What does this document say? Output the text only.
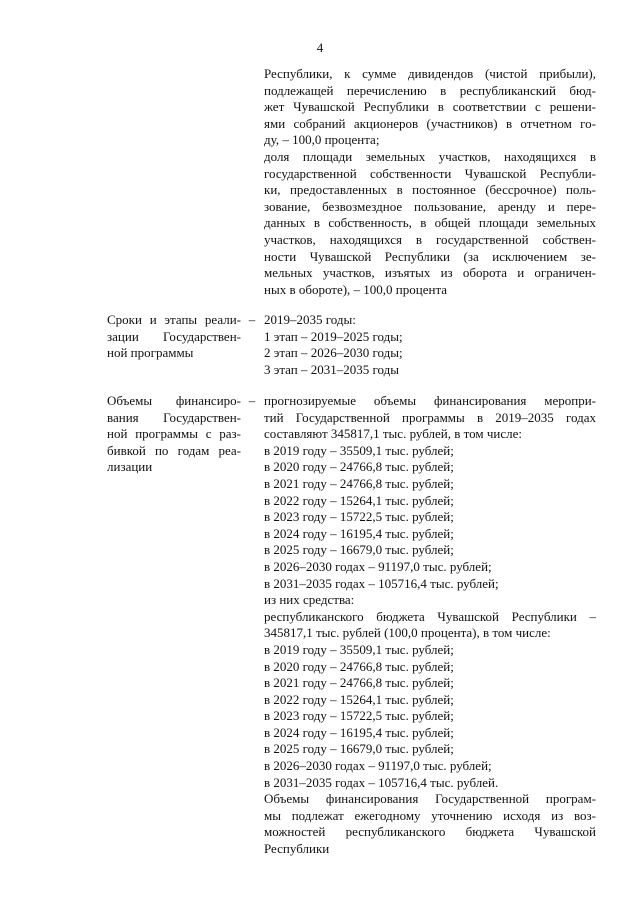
4
Республики, к сумме дивидендов (чистой прибыли),
подлежащей перечислению в республиканский бюд-
жет Чувашской Республики в соответствии с решени-
ями собраний акционеров (участников) в отчетном го-
ду, – 100,0 процента;
доля площади земельных участков, находящихся в
государственной собственности Чувашской Республи-
ки, предоставленных в постоянное (бессрочное) поль-
зование, безвозмездное пользование, аренду и пере-
данных в собственность, в общей площади земельных
участков, находящихся в государственной собствен-
ности Чувашской Республики (за исключением зе-
мельных участков, изъятых из оборота и ограничен-
ных в обороте), – 100,0 процента
Сроки и этапы реали-
зации Государствен-
ной программы
– 2019–2035 годы:
1 этап – 2019–2025 годы;
2 этап – 2026–2030 годы;
3 этап – 2031–2035 годы
Объемы финансиро-
вания Государствен-
ной программы с раз-
бивкой по годам реа-
лизации
– прогнозируемые объемы финансирования меропри-
тий Государственной программы в 2019–2035 годах
составляют 345817,1 тыс. рублей, в том числе:
в 2019 году – 35509,1 тыс. рублей;
в 2020 году – 24766,8 тыс. рублей;
в 2021 году – 24766,8 тыс. рублей;
в 2022 году – 15264,1 тыс. рублей;
в 2023 году – 15722,5 тыс. рублей;
в 2024 году – 16195,4 тыс. рублей;
в 2025 году – 16679,0 тыс. рублей;
в 2026–2030 годах – 91197,0 тыс. рублей;
в 2031–2035 годах – 105716,4 тыс. рублей;
из них средства:
республиканского бюджета Чувашской Республики –
345817,1 тыс. рублей (100,0 процента), в том числе:
в 2019 году – 35509,1 тыс. рублей;
в 2020 году – 24766,8 тыс. рублей;
в 2021 году – 24766,8 тыс. рублей;
в 2022 году – 15264,1 тыс. рублей;
в 2023 году – 15722,5 тыс. рублей;
в 2024 году – 16195,4 тыс. рублей;
в 2025 году – 16679,0 тыс. рублей;
в 2026–2030 годах – 91197,0 тыс. рублей;
в 2031–2035 годах – 105716,4 тыс. рублей.
Объемы финансирования Государственной програм-
мы подлежат ежегодному уточнению исходя из воз-
можностей республиканского бюджета Чувашской
Республики
